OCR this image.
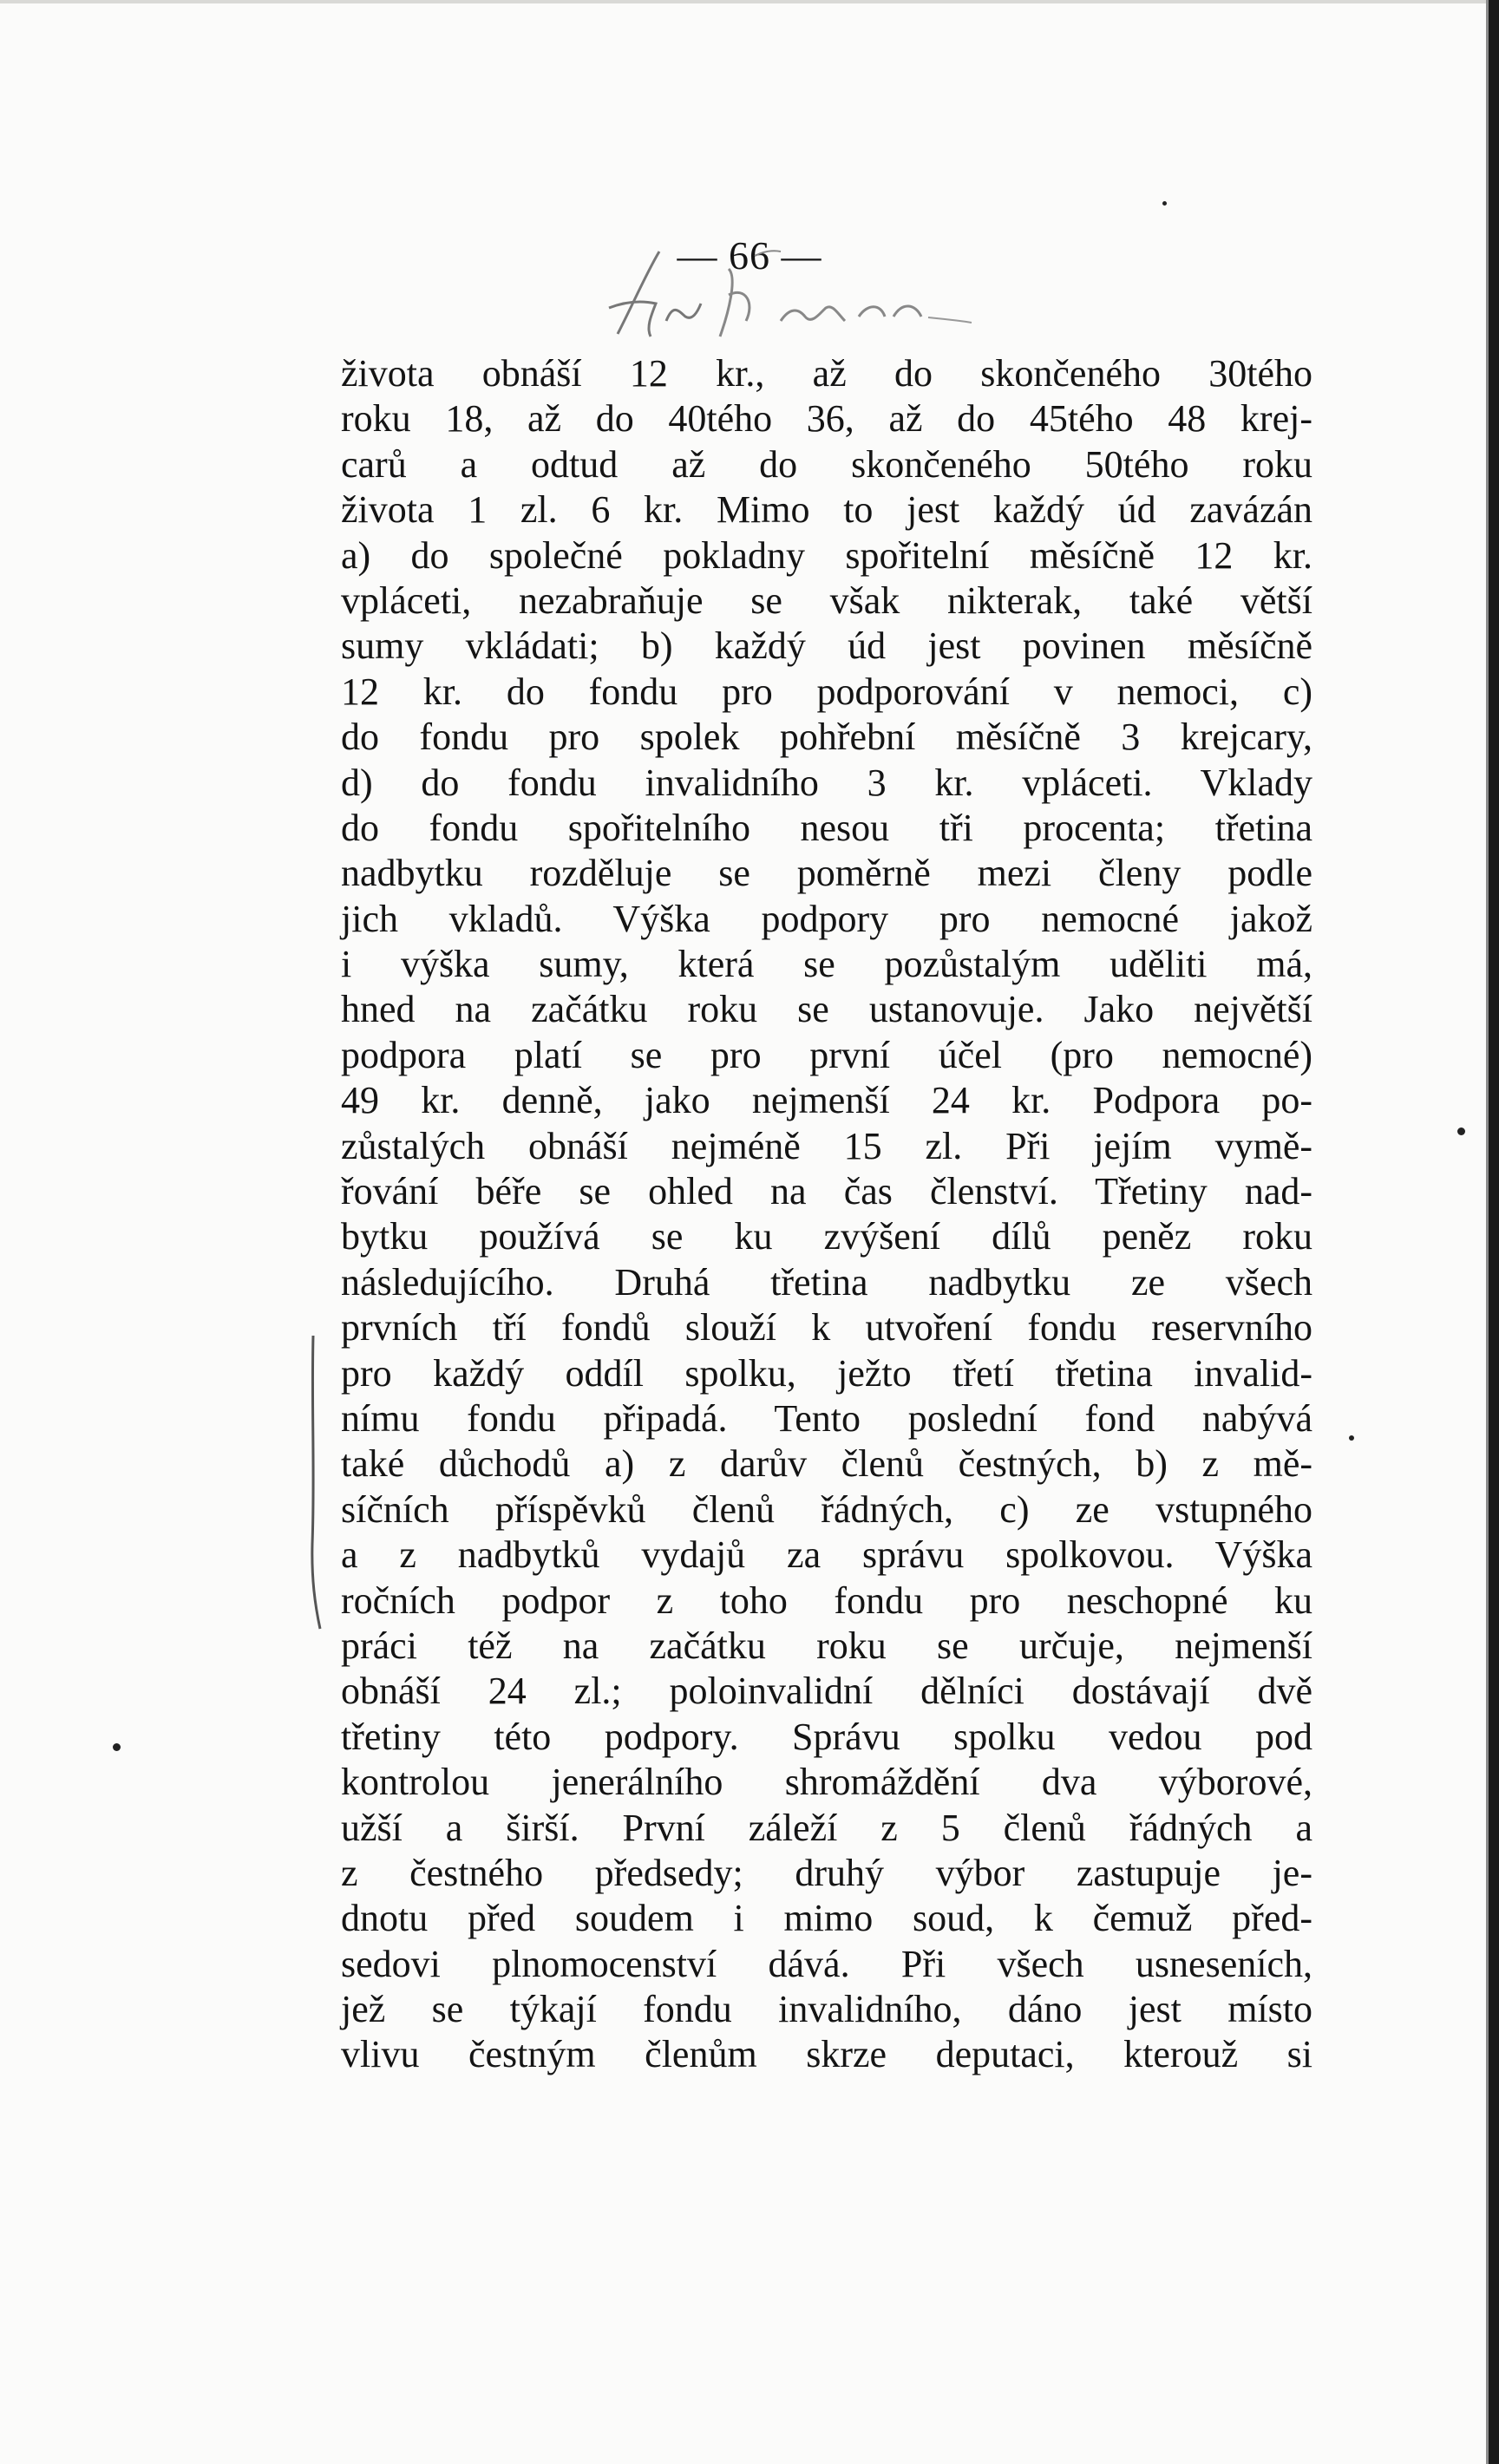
— 66 —
života obnáší 12 kr., až do skončeného 30tého
roku 18, až do 40tého 36, až do 45tého 48 krej-
carů a odtud až do skončeného 50tého roku
života 1 zl. 6 kr. Mimo to jest každý úd zavázán
a) do společné pokladny spořitelní měsíčně 12 kr.
vpláceti, nezabraňuje se však nikterak, také větší
sumy vkládati; b) každý úd jest povinen měsíčně
12 kr. do fondu pro podporování v nemoci, c)
do fondu pro spolek pohřební měsíčně 3 krejcary,
d) do fondu invalidního 3 kr. vpláceti. Vklady
do fondu spořitelního nesou tři procenta; třetina
nadbytku rozděluje se poměrně mezi členy podle
jich vkladů. Výška podpory pro nemocné jakož
i výška sumy, která se pozůstalým uděliti má,
hned na začátku roku se ustanovuje. Jako největší
podpora platí se pro první účel (pro nemocné)
49 kr. denně, jako nejmenší 24 kr. Podpora po-
zůstalých obnáší nejméně 15 zl. Při jejím vymě-
řování béře se ohled na čas členství. Třetiny nad-
bytku používá se ku zvýšení dílů peněz roku
následujícího. Druhá třetina nadbytku ze všech
prvních tří fondů slouží k utvoření fondu reservního
pro každý oddíl spolku, ježto třetí třetina invalid-
nímu fondu připadá. Tento poslední fond nabývá
také důchodů a) z darův členů čestných, b) z mě-
síčních příspěvků členů řádných, c) ze vstupného
a z nadbytků vydajů za správu spolkovou. Výška
ročních podpor z toho fondu pro neschopné ku
práci též na začátku roku se určuje, nejmenší
obnáší 24 zl.; poloinvalidní dělníci dostávají dvě
třetiny této podpory. Správu spolku vedou pod
kontrolou jenerálního shromáždění dva výborové,
užší a širší. První záleží z 5 členů řádných a
z čestného předsedy; druhý výbor zastupuje je-
dnotu před soudem i mimo soud, k čemuž před-
sedovi plnomocenství dává. Při všech usneseních,
jež se týkají fondu invalidního, dáno jest místo
vlivu čestným členům skrze deputaci, kterouž si
